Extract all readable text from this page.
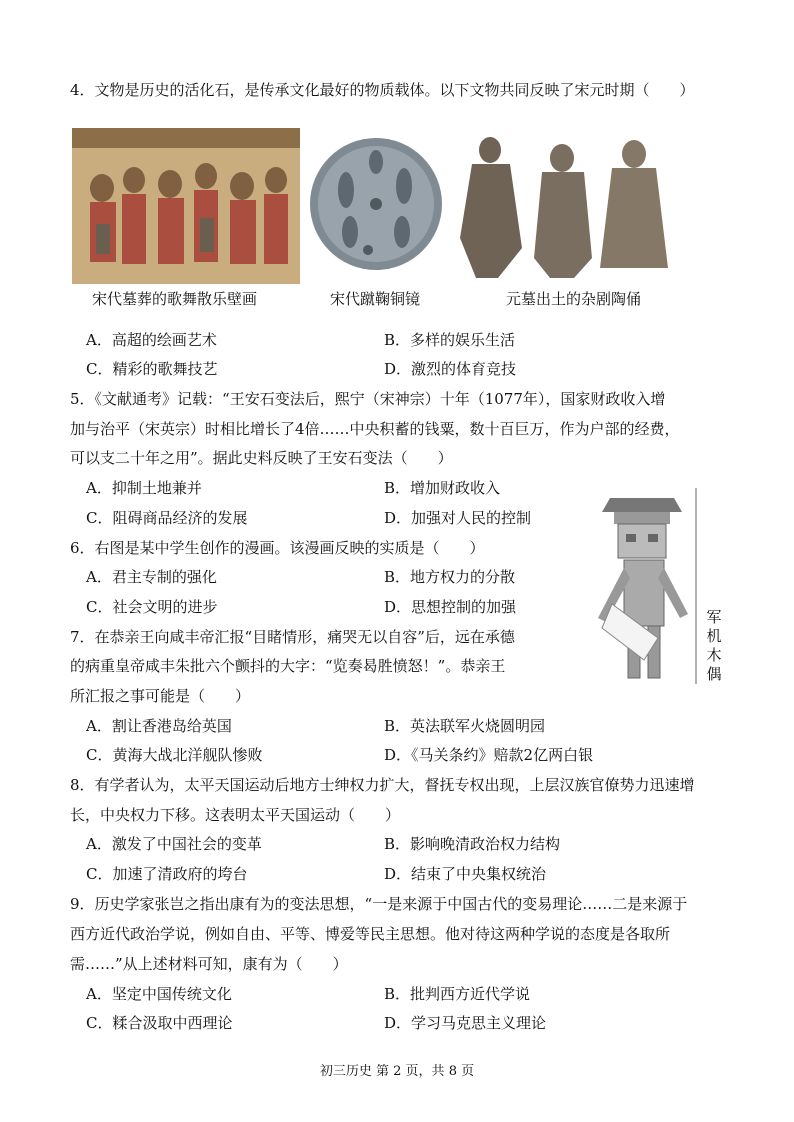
4．文物是历史的活化石，是传承文化最好的物质载体。以下文物共同反映了宋元时期（　　）
宋代墓葬的歌舞散乐壁画	宋代蹴鞠铜镜	元墓出土的杂剧陶俑
A．高超的绘画艺术	B．多样的娱乐生活
C．精彩的歌舞技艺	D．激烈的体育竞技
5．《文献通考》记载：“王安石变法后，熙宁（宋神宗）十年（1077年），国家财政收入增
加与治平（宋英宗）时相比增长了4倍……中央积蓄的钱粟，数十百巨万，作为户部的经费，
可以支二十年之用”。据此史料反映了王安石变法（　　）
A．抑制土地兼并	B．增加财政收入
C．阻碍商品经济的发展	D．加强对人民的控制
军
机
木
偶
6．右图是某中学生创作的漫画。该漫画反映的实质是（　　）
A．君主专制的强化	B．地方权力的分散
C．社会文明的进步	D．思想控制的加强
7．在恭亲王向咸丰帝汇报“目睹情形，痛哭无以自容”后，远在承德
的病重皇帝咸丰朱批六个颤抖的大字：“览奏曷胜愤怒！”。恭亲王
所汇报之事可能是（　　）
A．割让香港岛给英国	B．英法联军火烧圆明园
C．黄海大战北洋舰队惨败	D．《马关条约》赔款2亿两白银
8．有学者认为，太平天国运动后地方士绅权力扩大，督抚专权出现，上层汉族官僚势力迅速增
长，中央权力下移。这表明太平天国运动（　　）
A．激发了中国社会的变革	B．影响晚清政治权力结构
C．加速了清政府的垮台	D．结束了中央集权统治
9．历史学家张岂之指出康有为的变法思想，“一是来源于中国古代的变易理论……二是来源于
西方近代政治学说，例如自由、平等、博爱等民主思想。他对待这两种学说的态度是各取所
需……”从上述材料可知，康有为（　　）
A．坚定中国传统文化	B．批判西方近代学说
C．糅合汲取中西理论	D．学习马克思主义理论
初三历史 第 2 页，共 8 页
